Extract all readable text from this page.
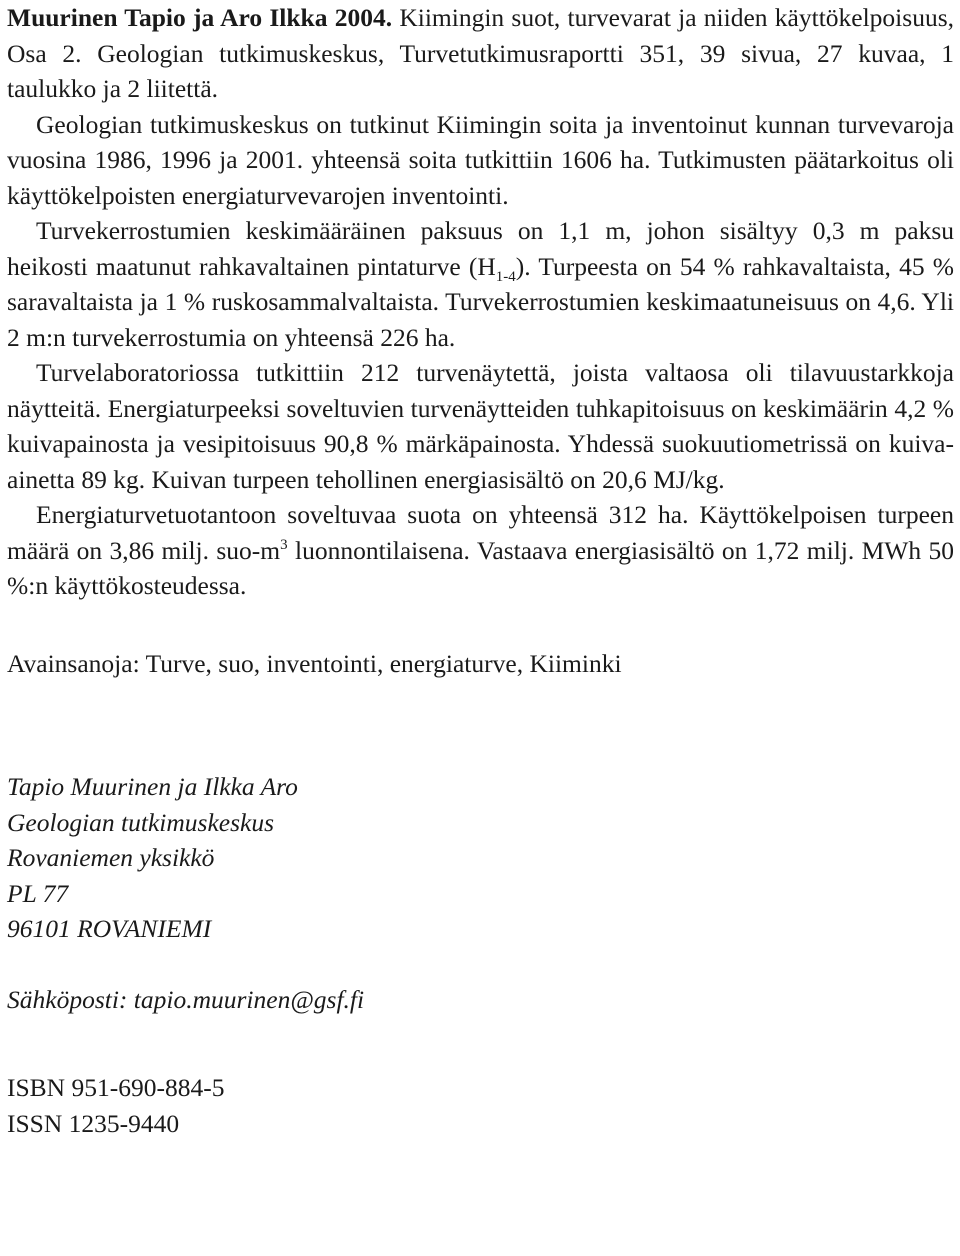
Muurinen Tapio ja Aro Ilkka 2004. Kiimingin suot, turvevarat ja niiden käyttökelpoisuus, Osa 2. Geologian tutkimuskeskus, Turvetutkimusraportti 351, 39 sivua, 27 kuvaa, 1 taulukko ja 2 liitettä.

Geologian tutkimuskeskus on tutkinut Kiimingin soita ja inventoinut kunnan turvevaroja vuosina 1986, 1996 ja 2001. yhteensä soita tutkittiin 1606 ha. Tutkimusten päätarkoitus oli käyttökelpoisten energiaturvevarojen inventointi.

Turvekerrostumien keskimääräinen paksuus on 1,1 m, johon sisältyy 0,3 m paksu heikosti maatunut rahkavaltainen pintaturve $(H_{1-4})$. Turpeesta on 54 % rahkavaltaista, 45 % saravaltaista ja 1 % ruskosammalvaltaista. Turvekerrostumien keskimaatuneisuus on 4,6. Yli 2 m:n turvekerrostumia on yhteensä 226 ha.

Turvelaboratoriossa tutkittiin 212 turvenäytettä, joista valtaosa oli tilavuustarkkoja näytteitä. Energiaturpeeksi soveltuvien turvenäytteiden tuhkapitoisuus on keskimäärin 4,2 % kuivapainosta ja vesipitoisuus 90,8 % märkäpainosta. Yhdessä suokuutiometrissä on kuiva-ainetta 89 kg. Kuivan turpeen tehollinen energiasisältö on 20,6 MJ/kg.

Energiaturvetuotantoon soveltuvaa suota on yhteensä 312 ha. Käyttökelpoisen turpeen määrä on 3,86 milj. suo-$m^3$ luonnontilaisena. Vastaava energiasisältö on 1,72 milj. MWh 50 %:n käyttökosteudessa.

Avainsanoja: Turve, suo, inventointi, energiaturve, Kiiminki

Tapio Muurinen ja Ilkka Aro
Geologian tutkimuskeskus
Rovaniemen yksikkö
PL 77
96101 ROVANIEMI
Sähköposti: tapio.muurinen@gsf.fi
ISBN 951-690-884-5
ISSN 1235-9440
